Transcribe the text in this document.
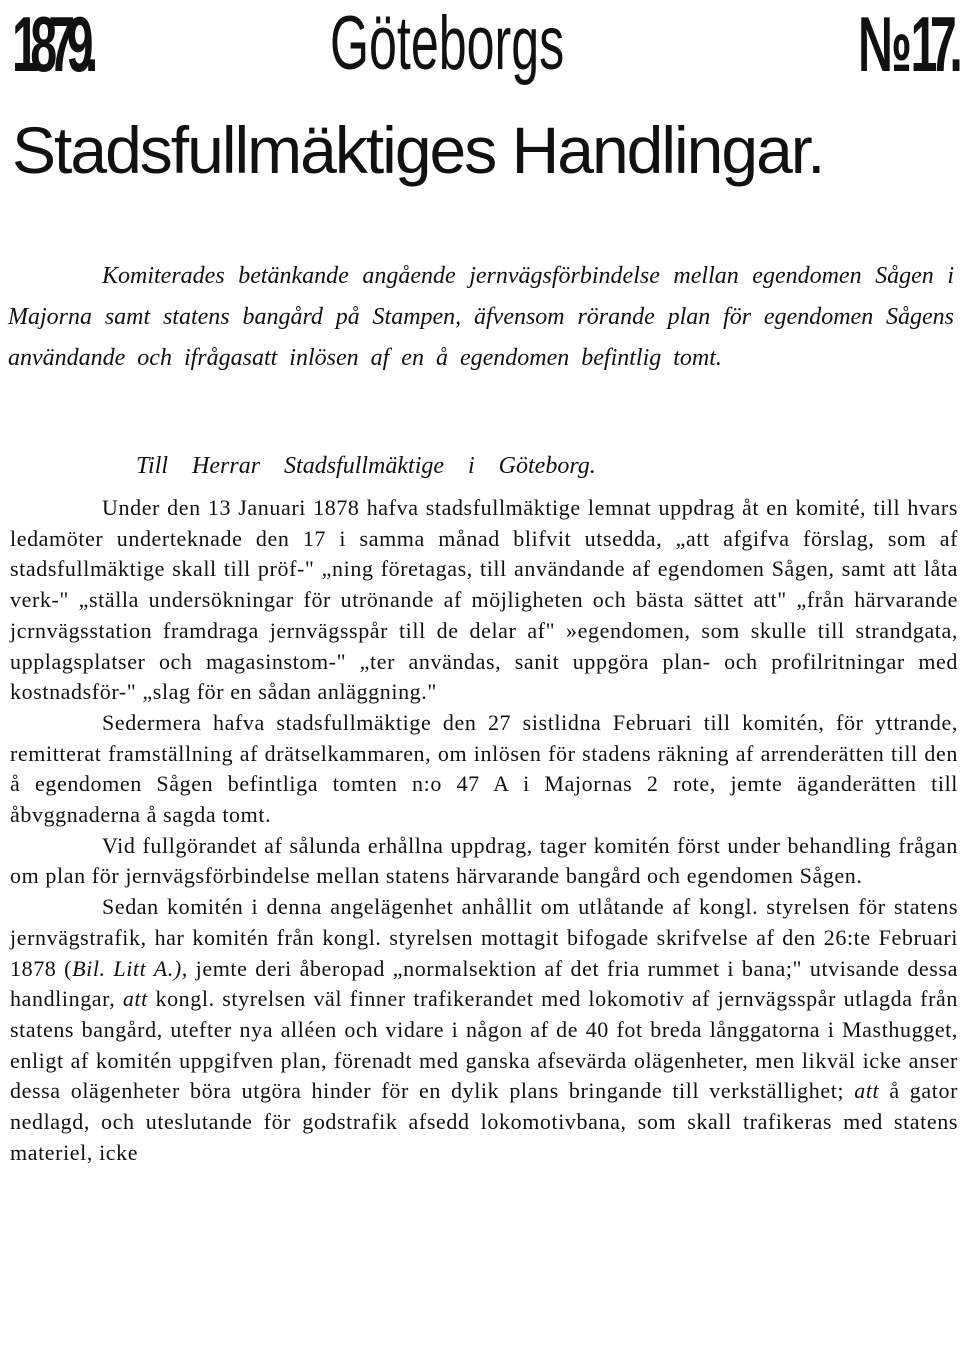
1879.	Göteborgs	№ 17.
Stadsfullmäktiges Handlingar.

Komiterades betänkande angående jernvägsförbindelse mellan egendomen Sågen i Majorna samt statens bangård på Stampen, äfvensom rörande plan för egendomen Sågens användande och ifrågasatt inlösen af en å egendomen befintlig tomt.

Till Herrar Stadsfullmäktige i Göteborg.

Under den 13 Januari 1878 hafva stadsfullmäktige lemnat uppdrag åt en komité, till hvars ledamöter underteknade den 17 i samma månad blifvit utsedda, „att afgifva förslag, som af stadsfullmäktige skall till pröf-" „ning företagas, till användande af egendomen Sågen, samt att låta verk-" „ställa undersökningar för utrönande af möjligheten och bästa sättet att" „från härvarande jcrnvägsstation framdraga jernvägsspår till de delar af" »egendomen, som skulle till strandgata, upplagsplatser och magasinstom-" „ter användas, sanit uppgöra plan- och profilritningar med kostnadsför-" „slag för en sådan anläggning."

Sedermera hafva stadsfullmäktige den 27 sistlidna Februari till komitén, för yttrande, remitterat framställning af drätselkammaren, om inlösen för stadens räkning af arrenderätten till den å egendomen Sågen befintliga tomten n:o 47 A i Majornas 2 rote, jemte äganderätten till åbvggnaderna å sagda tomt.

Vid fullgörandet af sålunda erhållna uppdrag, tager komitén först under behandling frågan om plan för jernvägsförbindelse mellan statens härvarande bangård och egendomen Sågen.

Sedan komitén i denna angelägenhet anhållit om utlåtande af kongl. styrelsen för statens jernvägstrafik, har komitén från kongl. styrelsen mottagit bifogade skrifvelse af den 26:te Februari 1878 (Bil. Litt A.), jemte deri åberopad „normalsektion af det fria rummet i bana;" utvisande dessa handlingar, att kongl. styrelsen väl finner trafikerandet med lokomotiv af jernvägsspår utlagda från statens bangård, utefter nya alléen och vidare i någon af de 40 fot breda långgatorna i Masthugget, enligt af komitén uppgifven plan, förenadt med ganska afsevärda olägenheter, men likväl icke anser dessa olägenheter böra utgöra hinder för en dylik plans bringande till verkställighet; att å gator nedlagd, och uteslutande för godstrafik afsedd lokomotivbana, som skall trafikeras med statens materiel, icke
